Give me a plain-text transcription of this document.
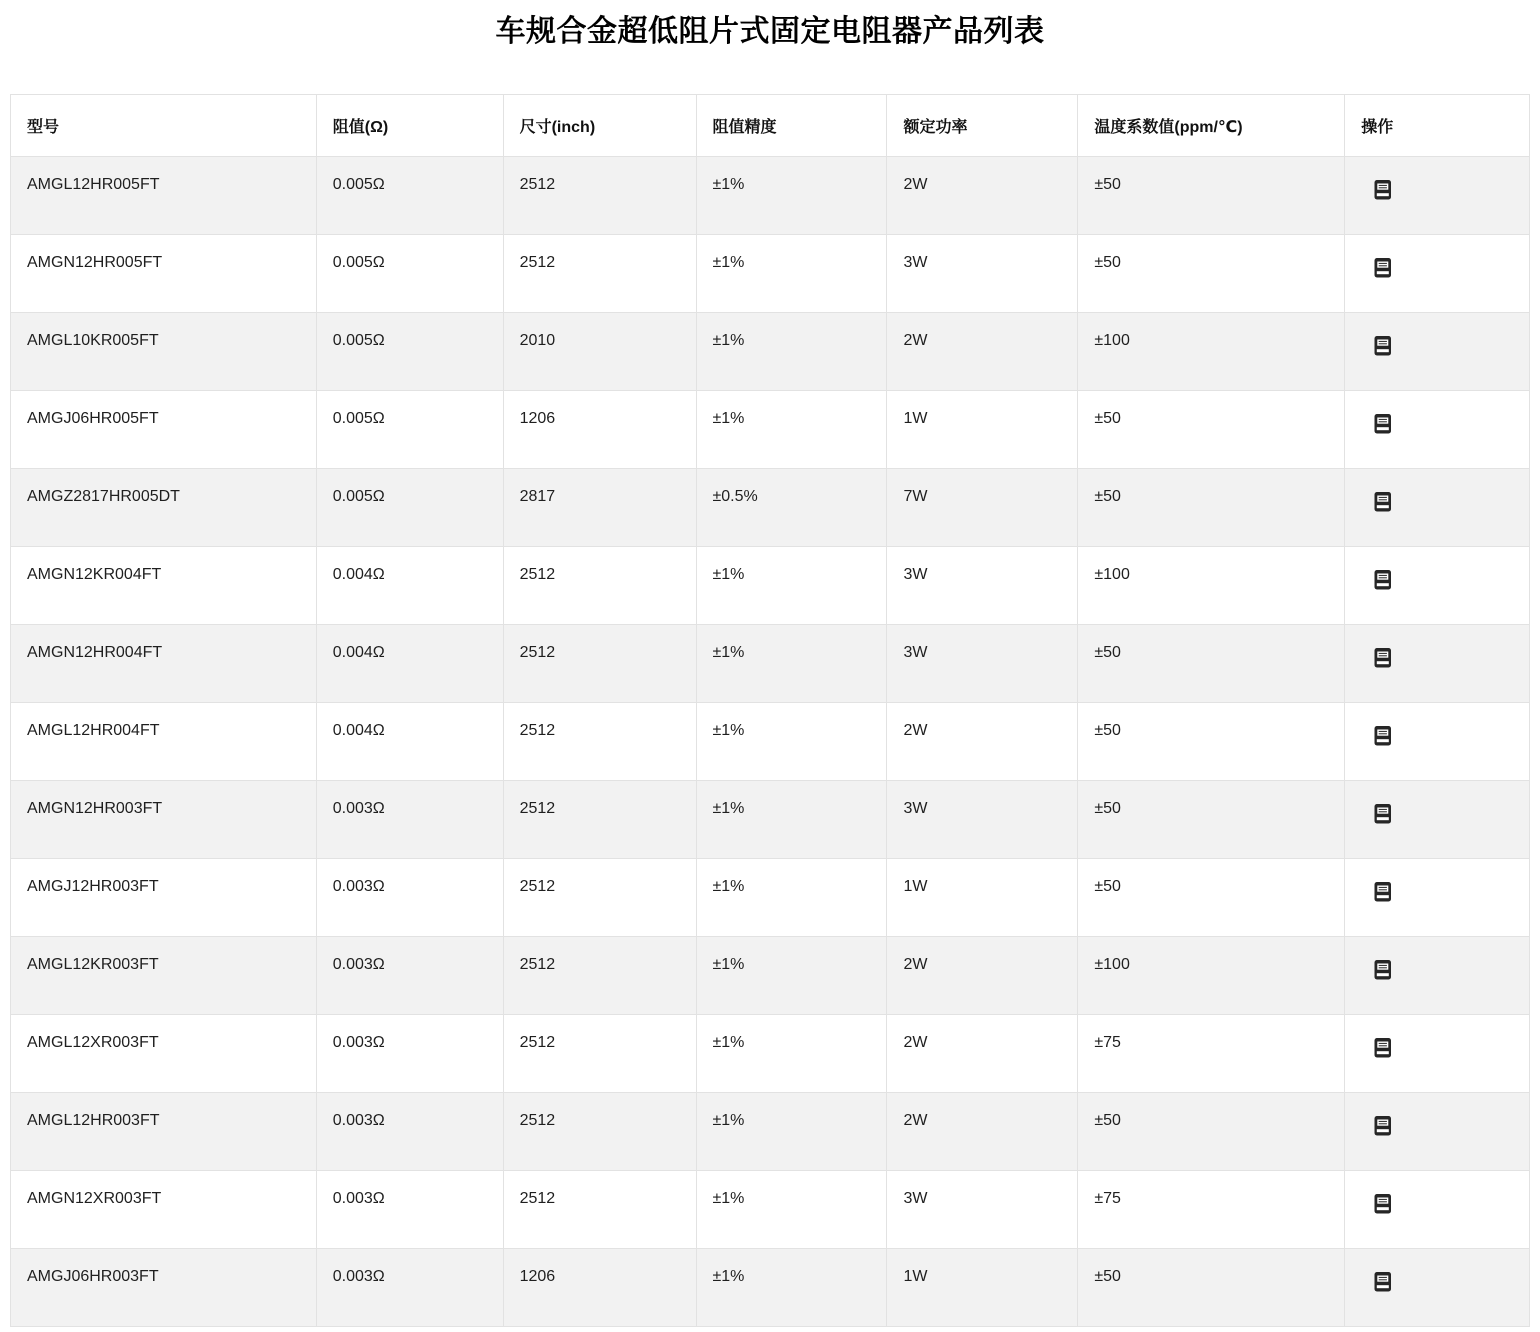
车规合金超低阻片式固定电阻器产品列表
型号	阻值(Ω)	尺寸(inch)	阻值精度	额定功率	温度系数值(ppm/℃)	操作
AMGL12HR005FT	0.005Ω	2512	±1%	2W	±50	

AMGN12HR005FT	0.005Ω	2512	±1%	3W	±50	

AMGL10KR005FT	0.005Ω	2010	±1%	2W	±100	

AMGJ06HR005FT	0.005Ω	1206	±1%	1W	±50	

AMGZ2817HR005DT	0.005Ω	2817	±0.5%	7W	±50	

AMGN12KR004FT	0.004Ω	2512	±1%	3W	±100	

AMGN12HR004FT	0.004Ω	2512	±1%	3W	±50	

AMGL12HR004FT	0.004Ω	2512	±1%	2W	±50	

AMGN12HR003FT	0.003Ω	2512	±1%	3W	±50	

AMGJ12HR003FT	0.003Ω	2512	±1%	1W	±50	

AMGL12KR003FT	0.003Ω	2512	±1%	2W	±100	

AMGL12XR003FT	0.003Ω	2512	±1%	2W	±75	

AMGL12HR003FT	0.003Ω	2512	±1%	2W	±50	

AMGN12XR003FT	0.003Ω	2512	±1%	3W	±75	

AMGJ06HR003FT	0.003Ω	1206	±1%	1W	±50	
